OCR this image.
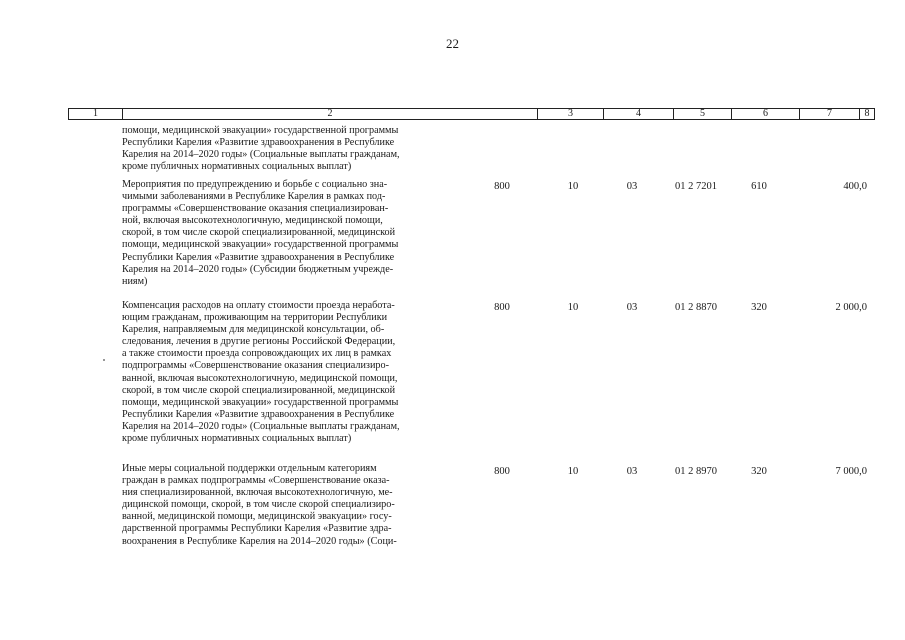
22
1	2	3	4	5	6	7	8
помощи, медицинской эвакуации» государственной программы
Республики Карелия «Развитие здравоохранения в Республике
Карелия на 2014–2020 годы» (Социальные выплаты гражданам,
кроме публичных нормативных социальных выплат)
Мероприятия по предупреждению и борьбе с социально зна-
чимыми заболеваниями в Республике Карелия в рамках под-
программы «Совершенствование оказания специализирован-
ной, включая высокотехнологичную, медицинской помощи,
скорой, в том числе скорой специализированной, медицинской
помощи, медицинской эвакуации» государственной программы
Республики Карелия «Развитие здравоохранения в Республике
Карелия на 2014–2020 годы» (Субсидии бюджетным учрежде-
ниям)
800	10	03	01 2 7201	610	400,0
Компенсация расходов на оплату стоимости проезда неработа-
ющим гражданам, проживающим на территории Республики
Карелия, направляемым для медицинской консультации, об-
следования, лечения в другие регионы Российской Федерации,
а также стоимости проезда сопровождающих их лиц в рамках
подпрограммы «Совершенствование оказания специализиро-
ванной, включая высокотехнологичную, медицинской помощи,
скорой, в том числе скорой специализированной, медицинской
помощи, медицинской эвакуации» государственной программы
Республики Карелия «Развитие здравоохранения в Республике
Карелия на 2014–2020 годы» (Социальные выплаты гражданам,
кроме публичных нормативных социальных выплат)
800	10	03	01 2 8870	320	2 000,0
Иные меры социальной поддержки отдельным категориям
граждан в рамках подпрограммы «Совершенствование оказа-
ния специализированной, включая высокотехнологичную, ме-
дицинской помощи, скорой, в том числе скорой специализиро-
ванной, медицинской помощи, медицинской эвакуации» госу-
дарственной программы Республики Карелия «Развитие здра-
воохранения в Республике Карелия на 2014–2020 годы» (Соци-
800	10	03	01 2 8970	320	7 000,0
